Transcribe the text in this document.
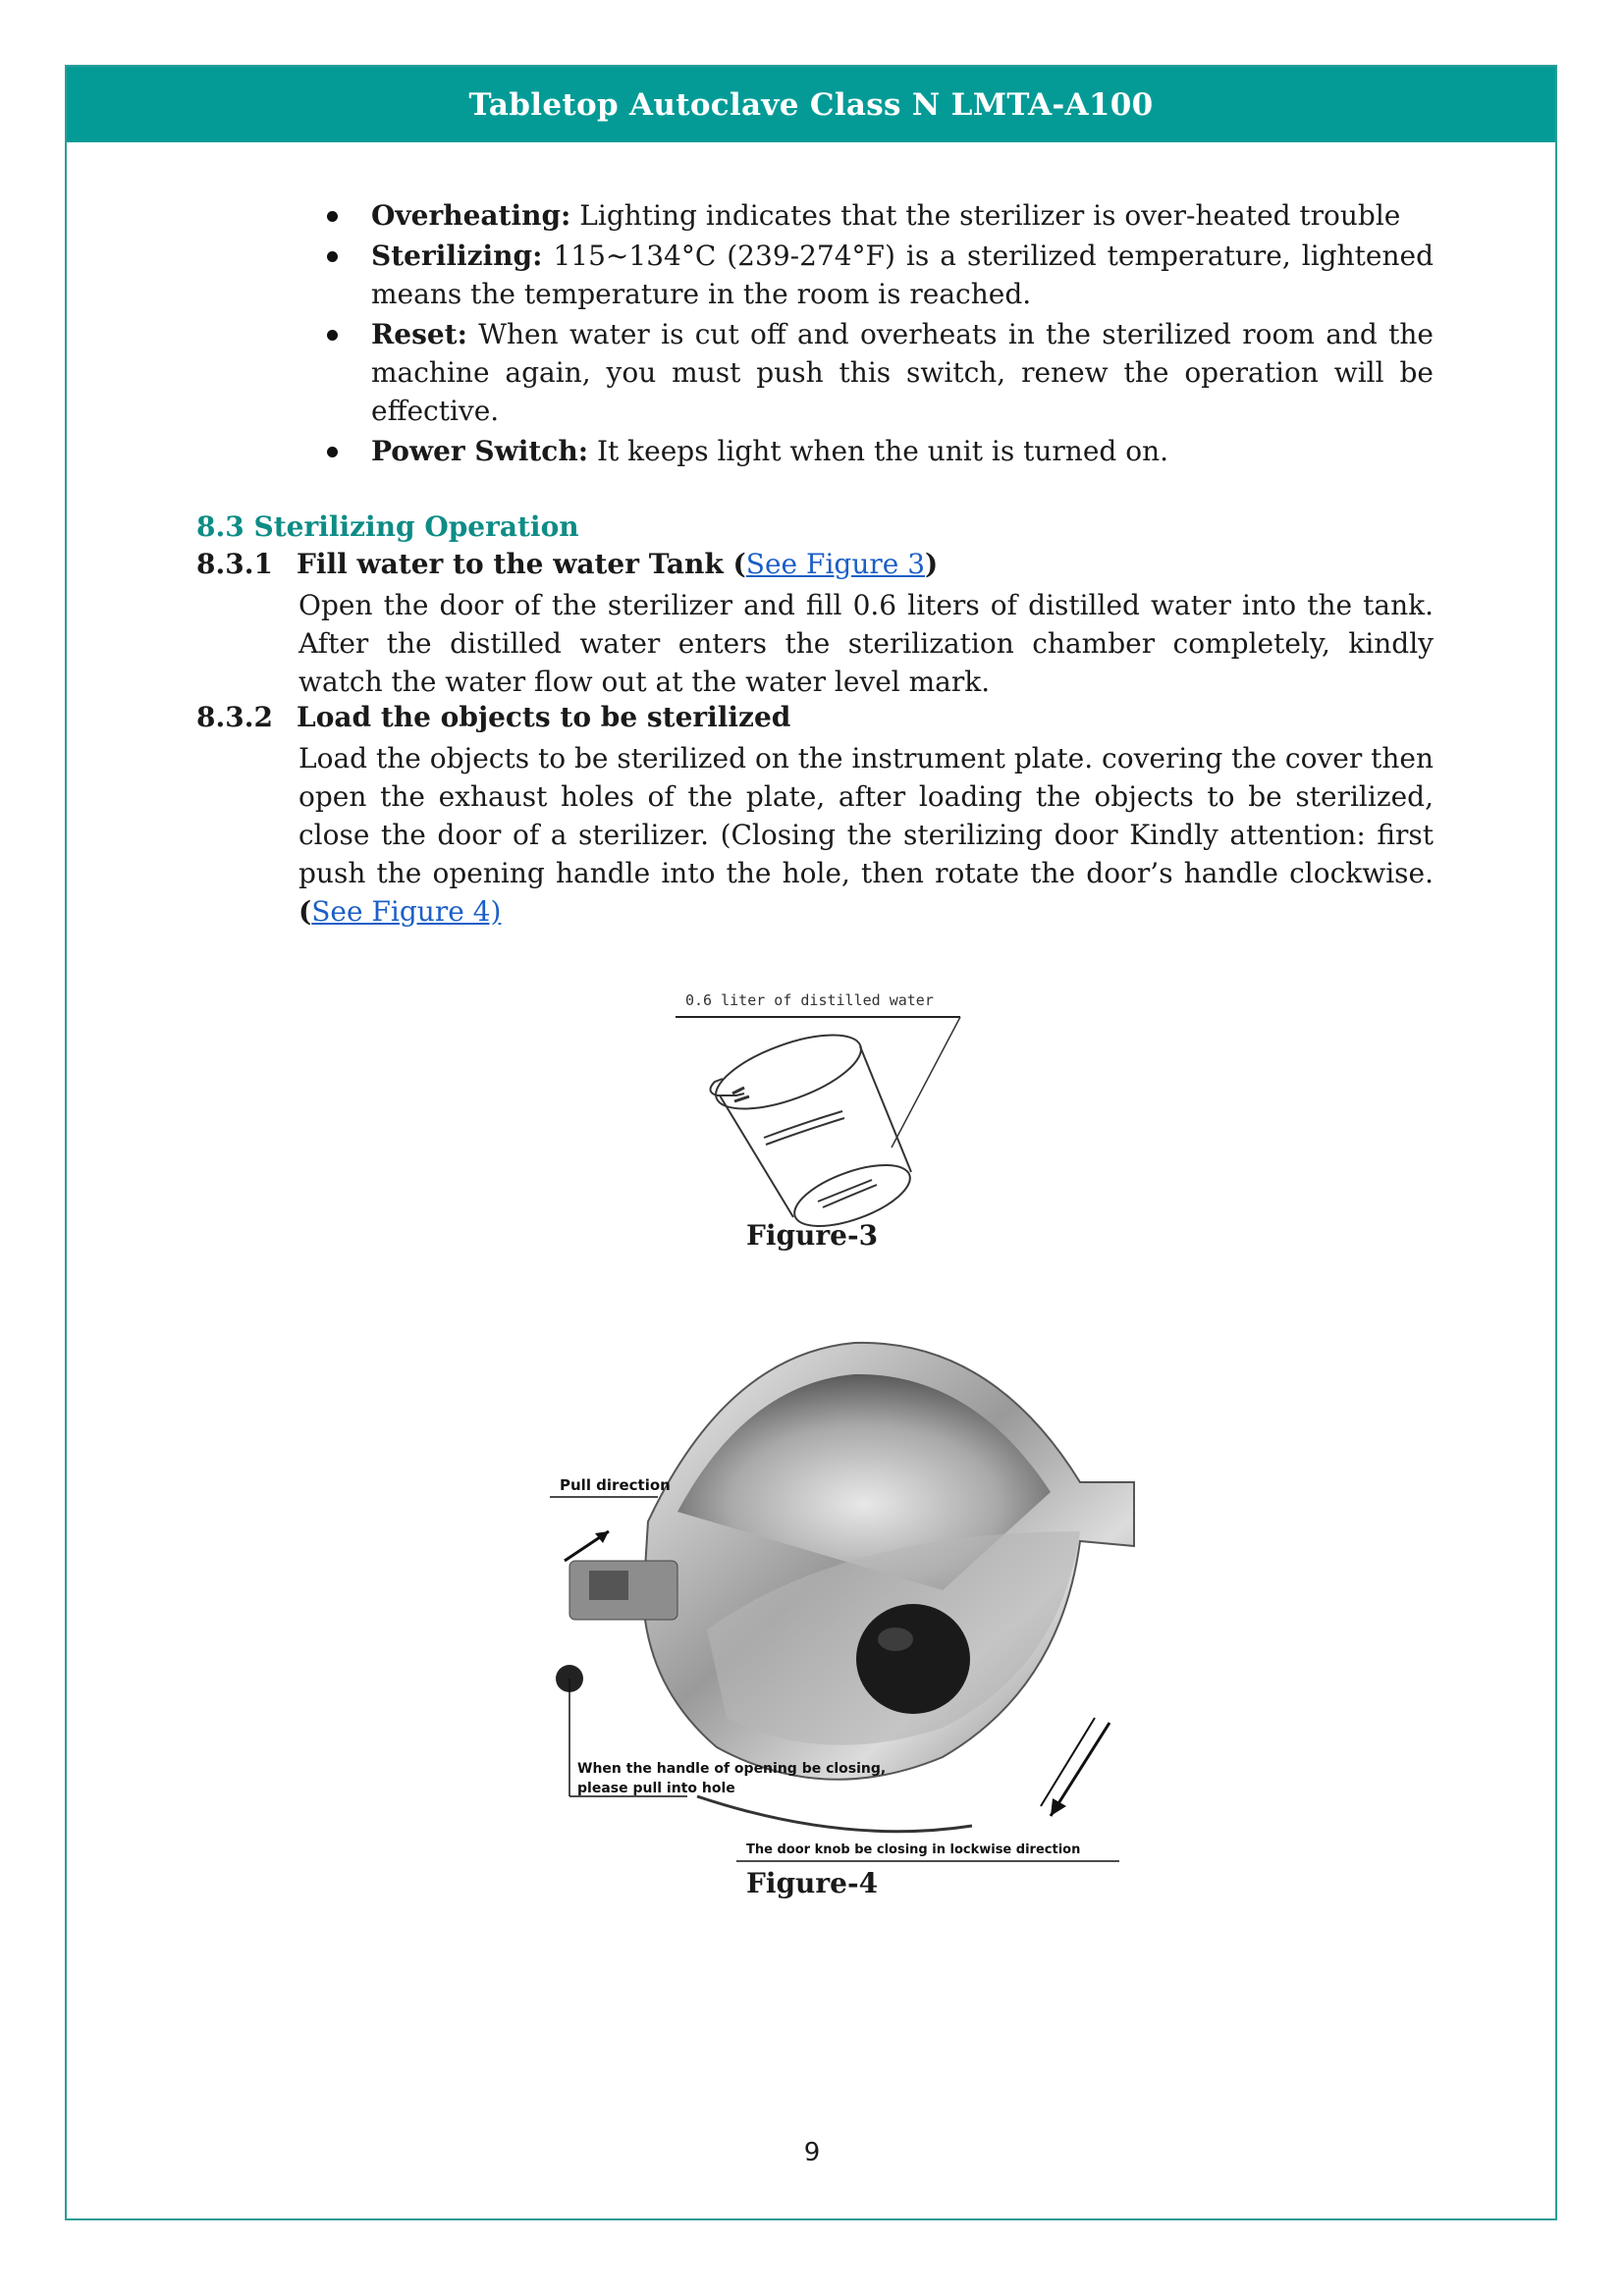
Tabletop Autoclave Class N LMTA-A100
Overheating: Lighting indicates that the sterilizer is over-heated trouble
Sterilizing: 115~134°C (239-274°F) is a sterilized temperature, lightened means the temperature in the room is reached.
Reset: When water is cut off and overheats in the sterilized room and the machine again, you must push this switch, renew the operation will be effective.
Power Switch: It keeps light when the unit is turned on.
8.3 Sterilizing Operation
8.3.1 Fill water to the water Tank (See Figure 3)
Open the door of the sterilizer and fill 0.6 liters of distilled water into the tank. After the distilled water enters the sterilization chamber completely, kindly watch the water flow out at the water level mark.
8.3.2 Load the objects to be sterilized
Load the objects to be sterilized on the instrument plate. covering the cover then open the exhaust holes of the plate, after loading the objects to be sterilized, close the door of a sterilizer. (Closing the sterilizing door Kindly attention: first push the opening handle into the hole, then rotate the door’s handle clockwise. (See Figure 4)
0.6 liter of distilled water
Figure-3
Pull direction
When the handle of opening be closing,
please pull into hole
The door knob be closing in lockwise direction
Figure-4
9
